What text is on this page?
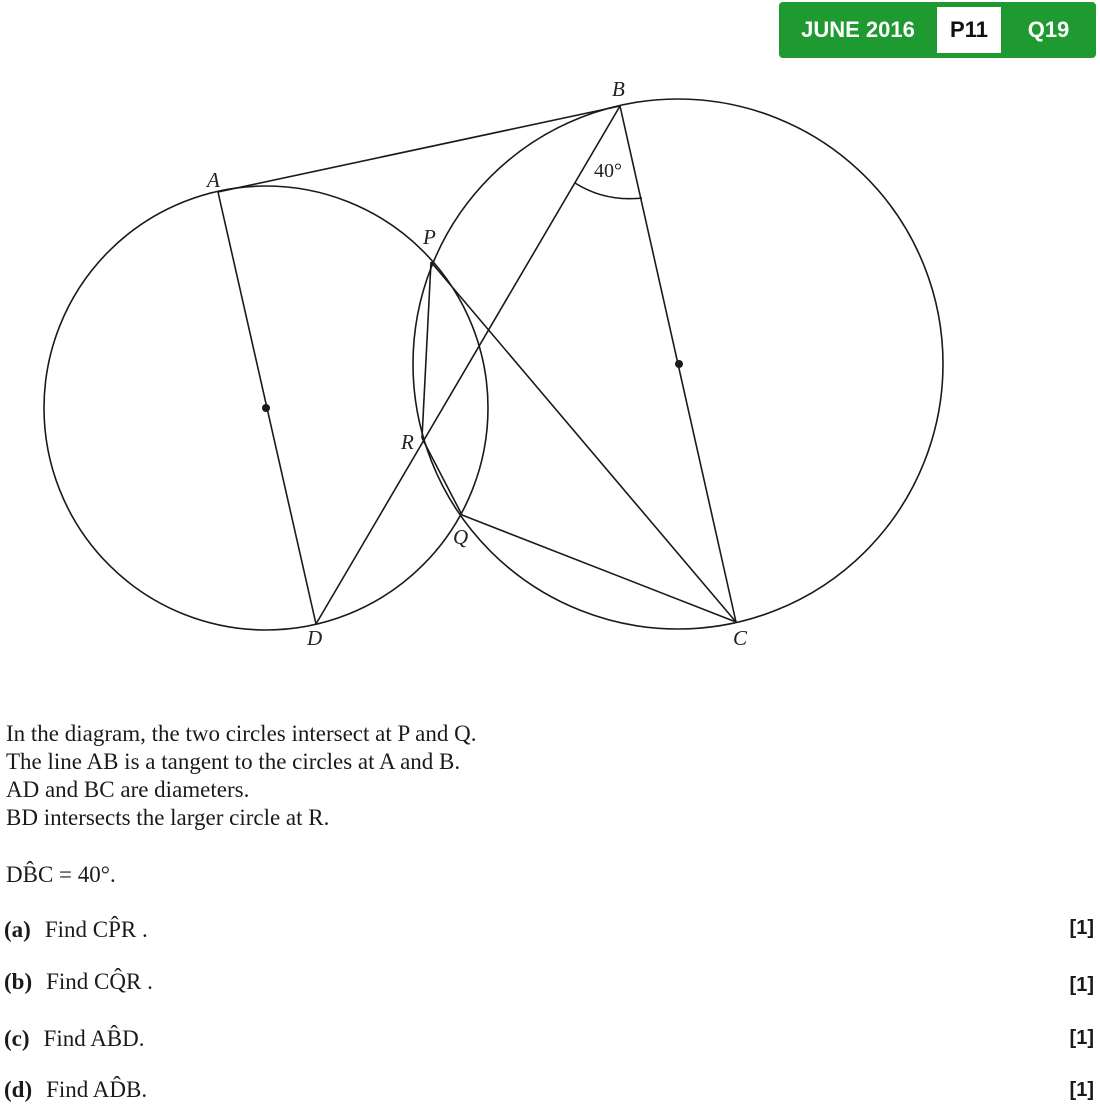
JUNE 2016	P11	Q19
A
B
C
D
P
Q
R
40°

In the diagram, the two circles intersect at P and Q.

The line AB is a tangent to the circles at A and B.

AD and BC are diameters.

BD intersects the larger circle at R.

DB̂C = 40°.
(a) Find CP̂R .	[1]
(b) Find CQ̂R .	[1]
(c) Find AB̂D.	[1]
(d) Find AD̂B.	[1]
